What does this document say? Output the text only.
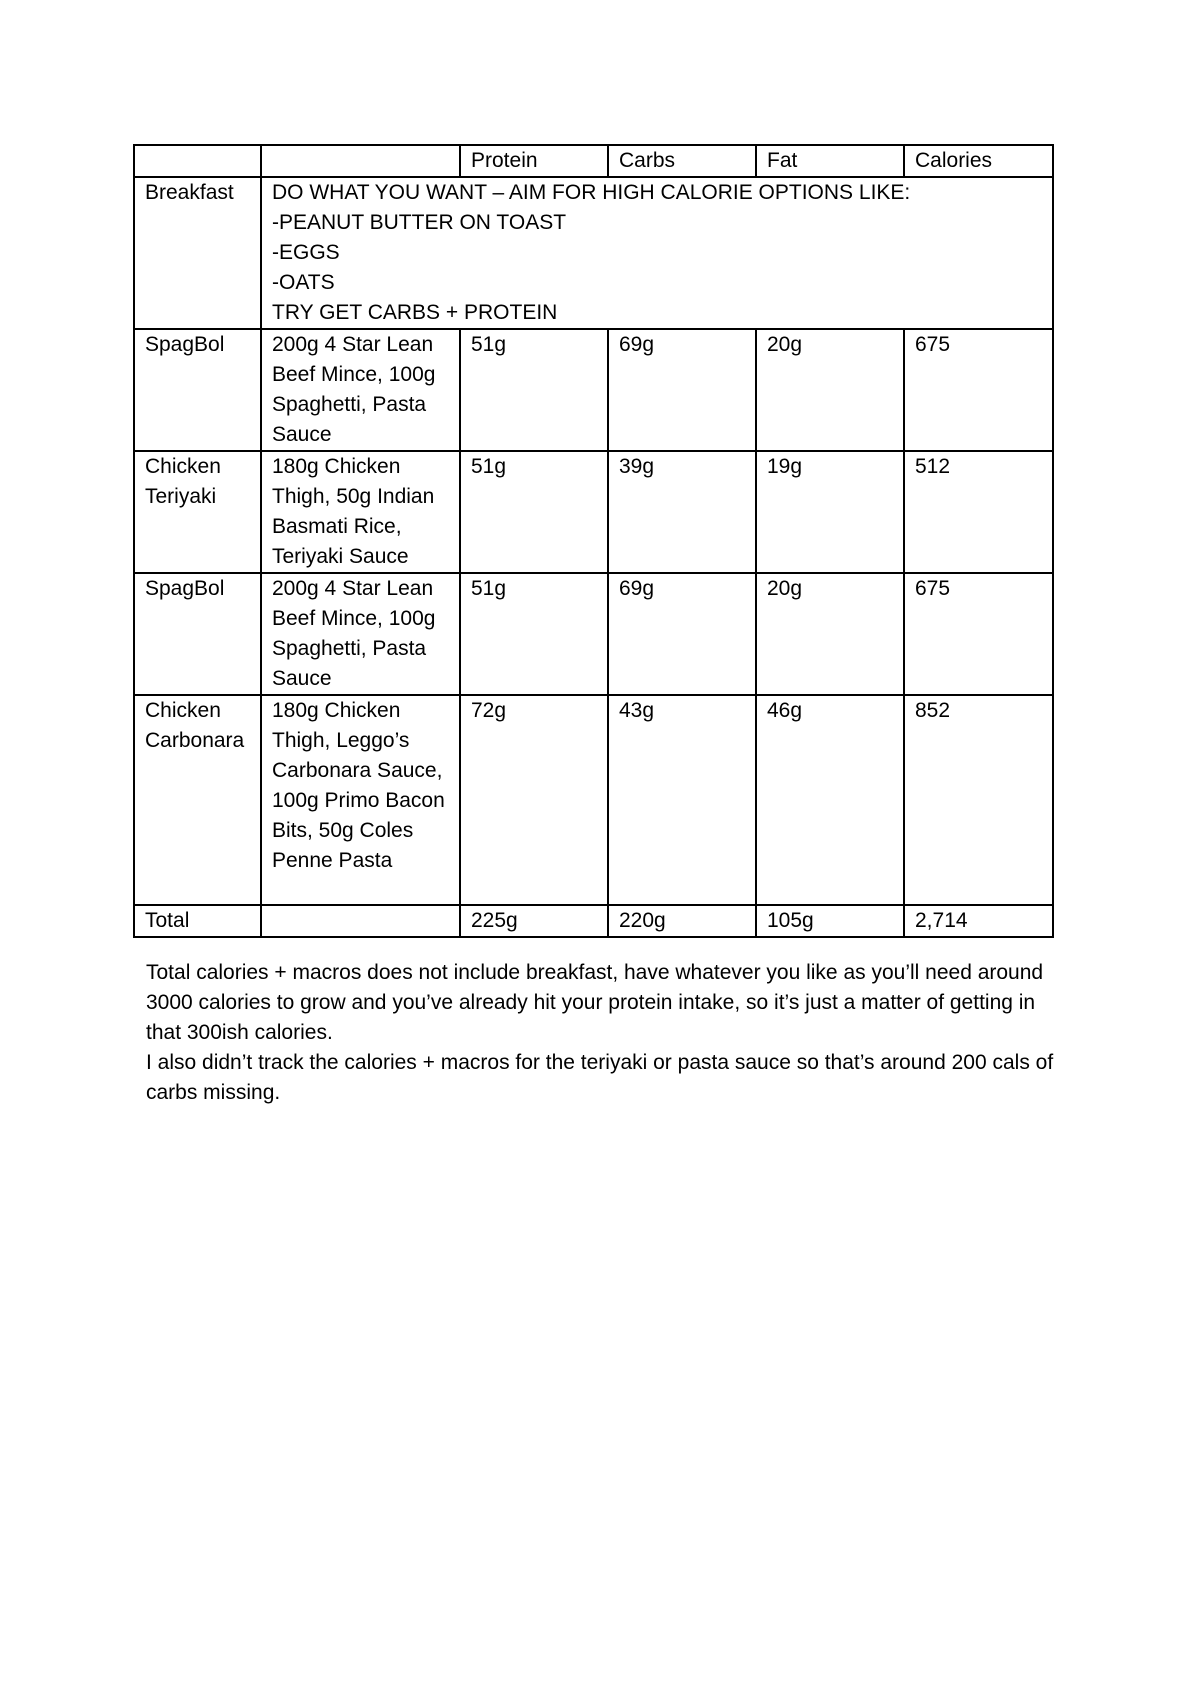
		Protein	Carbs	Fat	Calories
Breakfast	DO WHAT YOU WANT – AIM FOR HIGH CALORIE OPTIONS LIKE:
-PEANUT BUTTER ON TOAST
-EGGS
-OATS
TRY GET CARBS + PROTEIN				

SpagBol	200g 4 Star Lean Beef Mince, 100g Spaghetti, Pasta Sauce	51g	69g	20g	675
Chicken Teriyaki	180g Chicken Thigh, 50g Indian Basmati Rice, Teriyaki Sauce	51g	39g	19g	512
SpagBol	200g 4 Star Lean Beef Mince, 100g Spaghetti, Pasta Sauce	51g	69g	20g	675
Chicken Carbonara	180g Chicken Thigh, Leggo’s Carbonara Sauce, 100g Primo Bacon Bits, 50g Coles Penne Pasta	72g	43g	46g	852
Total		225g	220g	105g	2,714

Total calories + macros does not include breakfast, have whatever you like as you’ll need around 3000 calories to grow and you’ve already hit your protein intake, so it’s just a matter of getting in that 300ish calories.

I also didn’t track the calories + macros for the teriyaki or pasta sauce so that’s around 200 cals of carbs missing.
